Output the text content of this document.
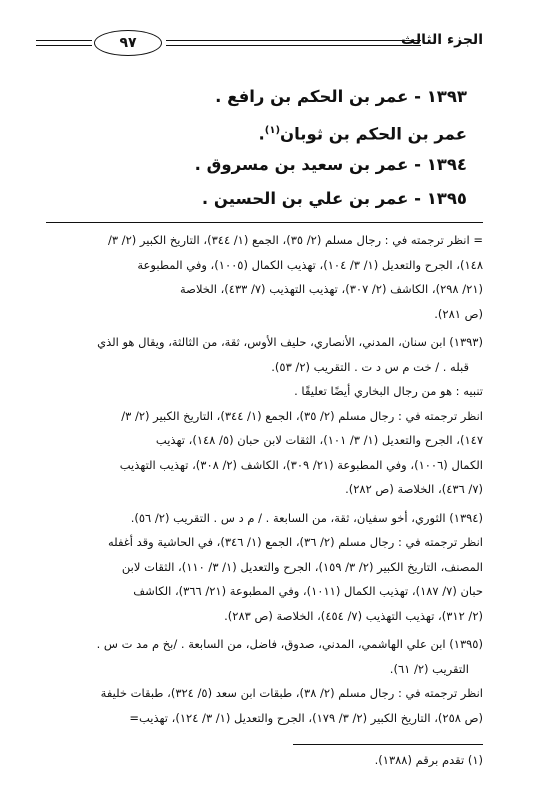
الجزء الثالث
٩٧
١٣٩٣ - عمر بن الحكم بن رافع .
عمر بن الحكم بن ثوبان$^{(١)}$.
١٣٩٤ - عمر بن سعيد بن مسروق .
١٣٩٥ - عمر بن علي بن الحسين .
= انظر ترجمته في : رجال مسلم (٢/ ٣٥)، الجمع (١/ ٣٤٤)، التاريخ الكبير (٢/ ٣/
١٤٨)، الجرح والتعديل (١/ ٣/ ١٠٤)، تهذيب الكمال (١٠٠٥)، وفي المطبوعة
(٢١/ ٢٩٨)، الكاشف (٢/ ٣٠٧)، تهذيب التهذيب (٧/ ٤٣٣)، الخلاصة
(ص ٢٨١).
(١٣٩٣) ابن سنان، المدني، الأنصاري، حليف الأوس، ثقة، من الثالثة، ويقال هو الذي
قبله . / خت م س د ت . التقريب (٢/ ٥٣).
تنبيه : هو من رجال البخاري أيضًا تعليقًا .
انظر ترجمته في : رجال مسلم (٢/ ٣٥)، الجمع (١/ ٣٤٤)، التاريخ الكبير (٢/ ٣/
١٤٧)، الجرح والتعديل (١/ ٣/ ١٠١)، الثقات لابن حبان (٥/ ١٤٨)، تهذيب
الكمال (١٠٠٦)، وفي المطبوعة (٢١/ ٣٠٩)، الكاشف (٢/ ٣٠٨)، تهذيب التهذيب
(٧/ ٤٣٦)، الخلاصة (ص ٢٨٢).
(١٣٩٤) الثوري، أخو سفيان، ثقة، من السابعة . / م د س . التقريب (٢/ ٥٦).
انظر ترجمته في : رجال مسلم (٢/ ٣٦)، الجمع (١/ ٣٤٦)، في الحاشية وقد أغفله
المصنف، التاريخ الكبير (٢/ ٣/ ١٥٩)، الجرح والتعديل (١/ ٣/ ١١٠)، الثقات لابن
حبان (٧/ ١٨٧)، تهذيب الكمال (١٠١١)، وفي المطبوعة (٢١/ ٣٦٦)، الكاشف
(٢/ ٣١٢)، تهذيب التهذيب (٧/ ٤٥٤)، الخلاصة (ص ٢٨٣).
(١٣٩٥) ابن علي الهاشمي، المدني، صدوق، فاضل، من السابعة . /بخ م مد ت س .
التقريب (٢/ ٦١).
انظر ترجمته في : رجال مسلم (٢/ ٣٨)، طبقات ابن سعد (٥/ ٣٢٤)، طبقات خليفة
(ص ٢٥٨)، التاريخ الكبير (٢/ ٣/ ١٧٩)، الجرح والتعديل (١/ ٣/ ١٢٤)، تهذيب=
(١) تقدم برقم (١٣٨٨).
